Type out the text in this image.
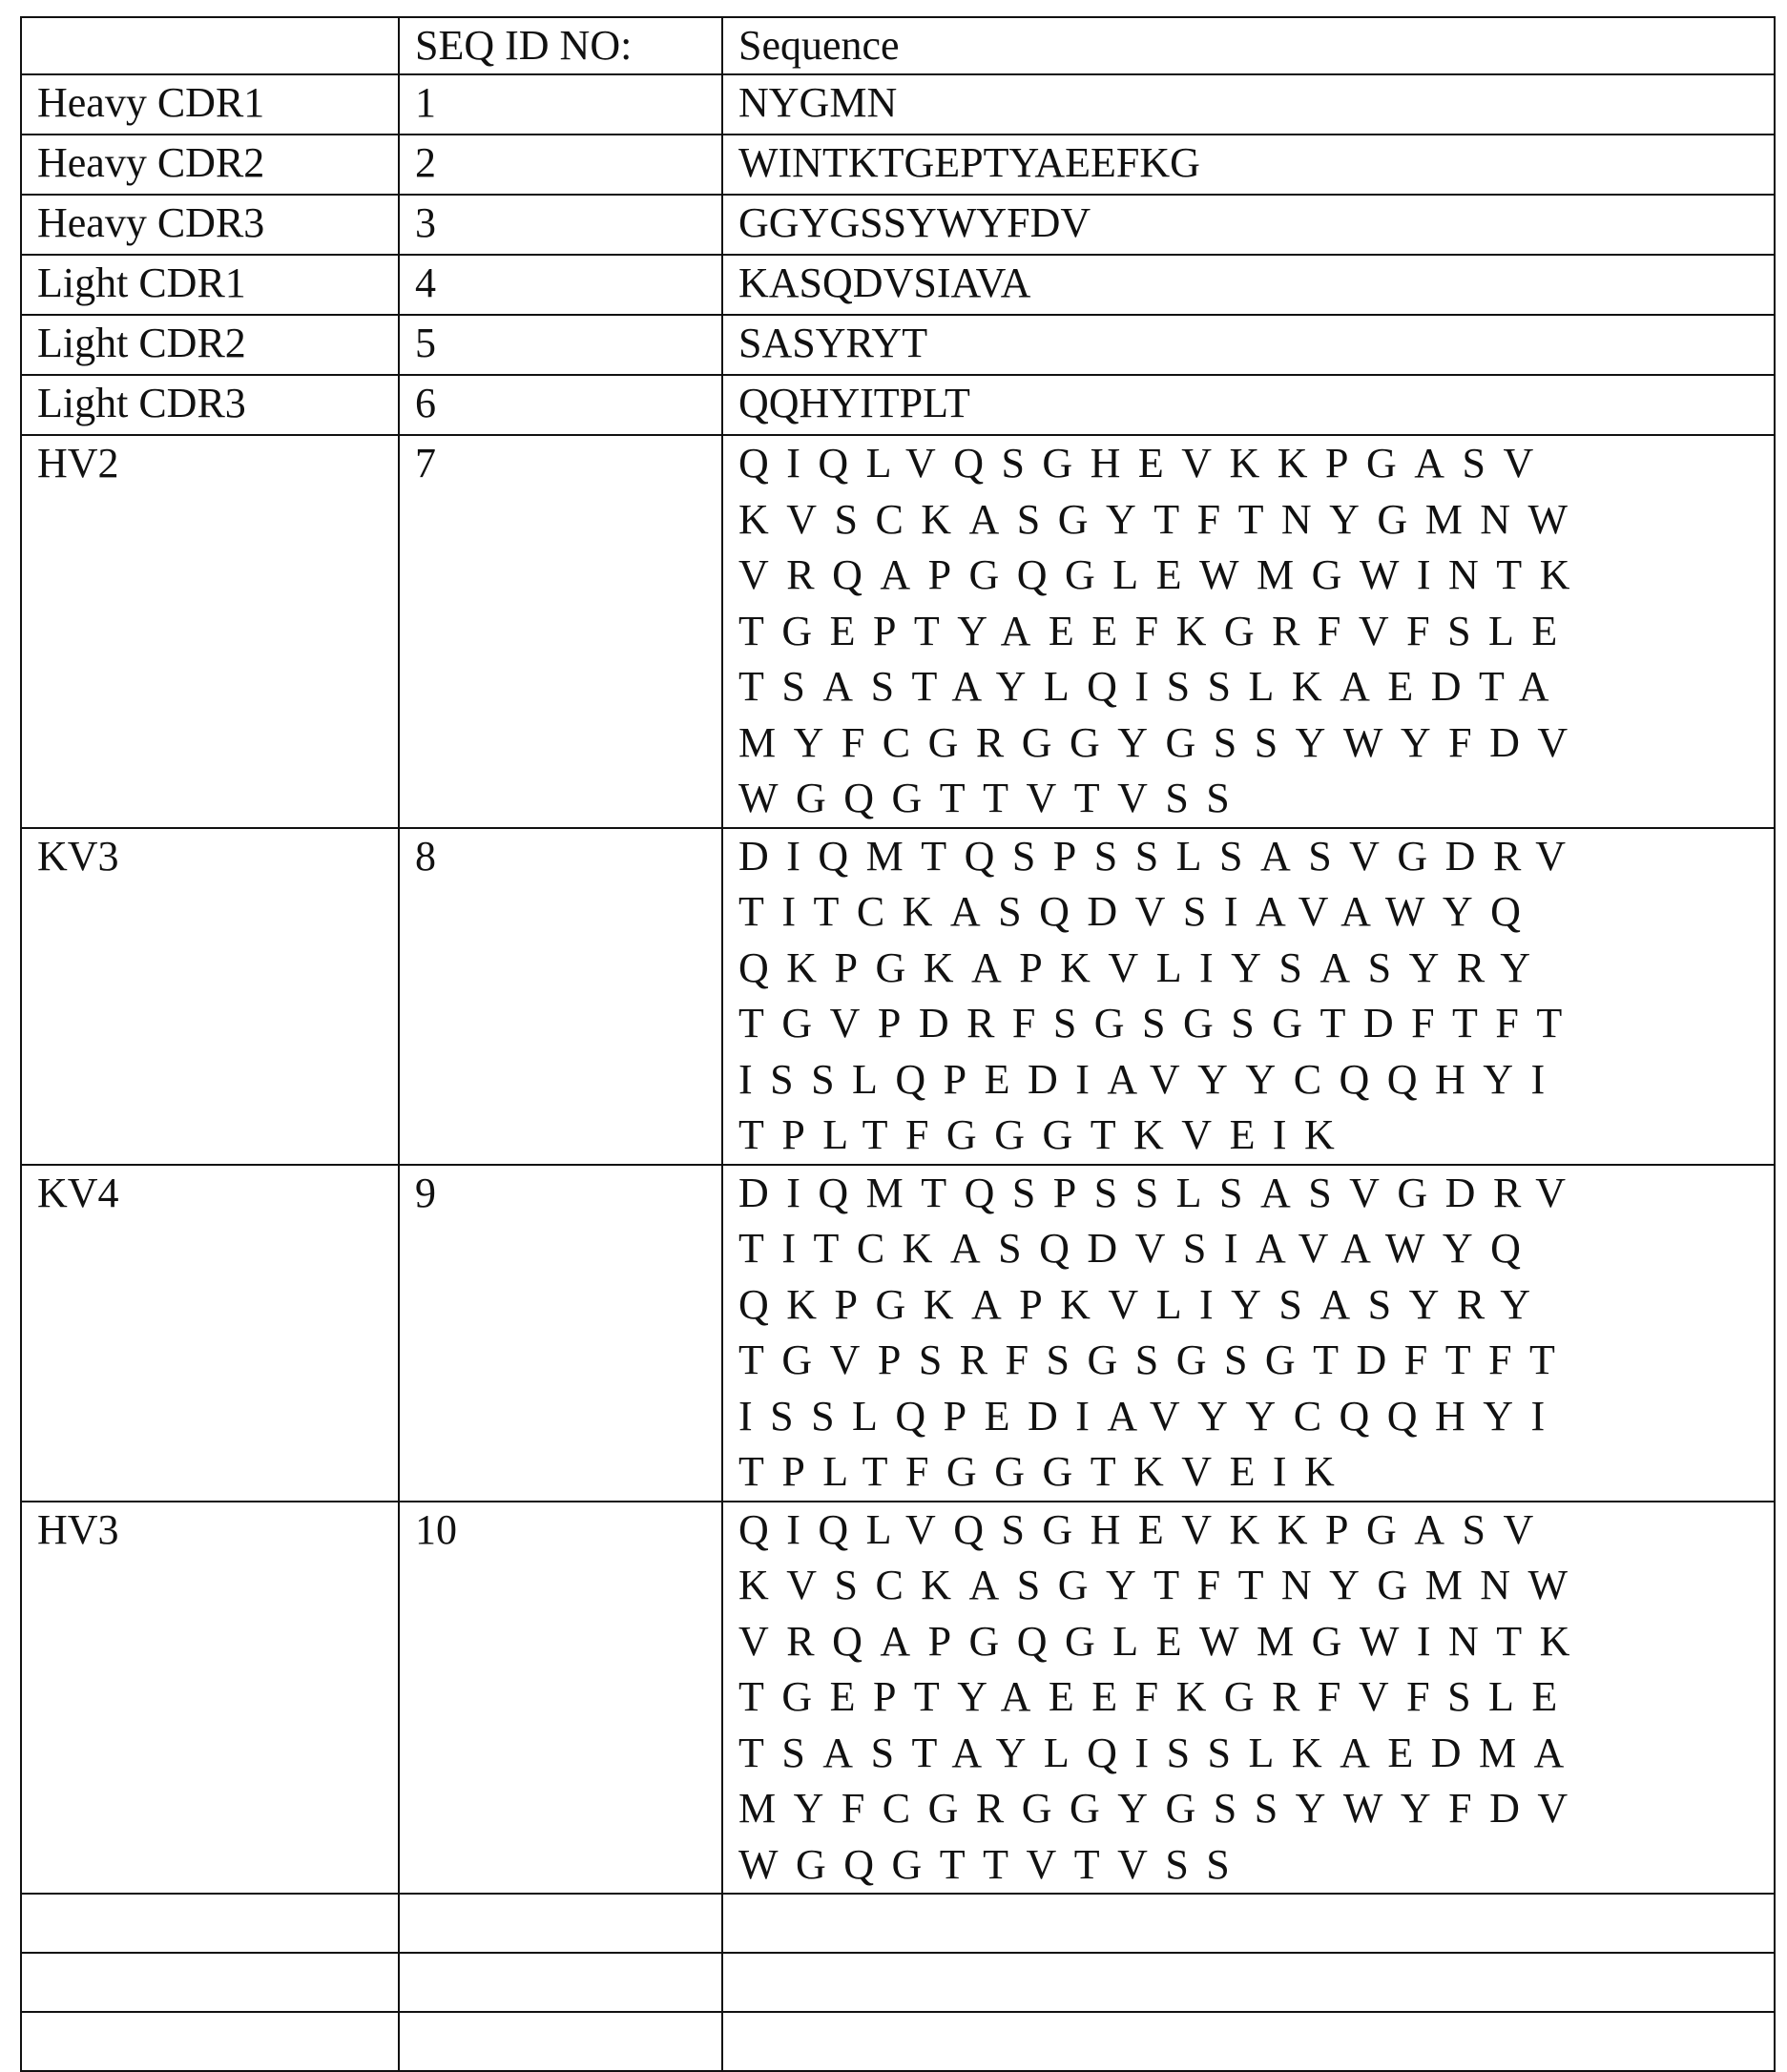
	SEQ ID NO:	Sequence
Heavy CDR1	1	NYGMN
Heavy CDR2	2	WINTKTGEPTYAEEFKG
Heavy CDR3	3	GGYGSSYWYFDV
Light CDR1	4	KASQDVSIAVA
Light CDR2	5	SASYRYT
Light CDR3	6	QQHYITPLT
HV2	7	QIQLVQSGHEVKKPGASV
KVSCKASGYTFTNYGMNW
VRQAPGQGLEWMGWINTK
TGEPTYAEEFKGRFVFSLE
TSASTAYLQISSLKAEDTA
MYFCGRGGYGSSYWYFDV
WGQGTTVTVSS

KV3	8	DIQMTQSPSSLSASVGDRV
TITCKASQDVSIAVAWYQ
QKPGKAPKVLIYSASYRY
TGVPDRFSGSGSGTDFTFT
ISSLQPEDIAVYYCQQHYI
TPLTFGGGTKVEIK

KV4	9	DIQMTQSPSSLSASVGDRV
TITCKASQDVSIAVAWYQ
QKPGKAPKVLIYSASYRY
TGVPSRFSGSGSGTDFTFT
ISSLQPEDIAVYYCQQHYI
TPLTFGGGTKVEIK

HV3	10	QIQLVQSGHEVKKPGASV
KVSCKASGYTFTNYGMNW
VRQAPGQGLEWMGWINTK
TGEPTYAEEFKGRFVFSLE
TSASTAYLQISSLKAEDMA
MYFCGRGGYGSSYWYFDV
WGQGTTVTVSS
